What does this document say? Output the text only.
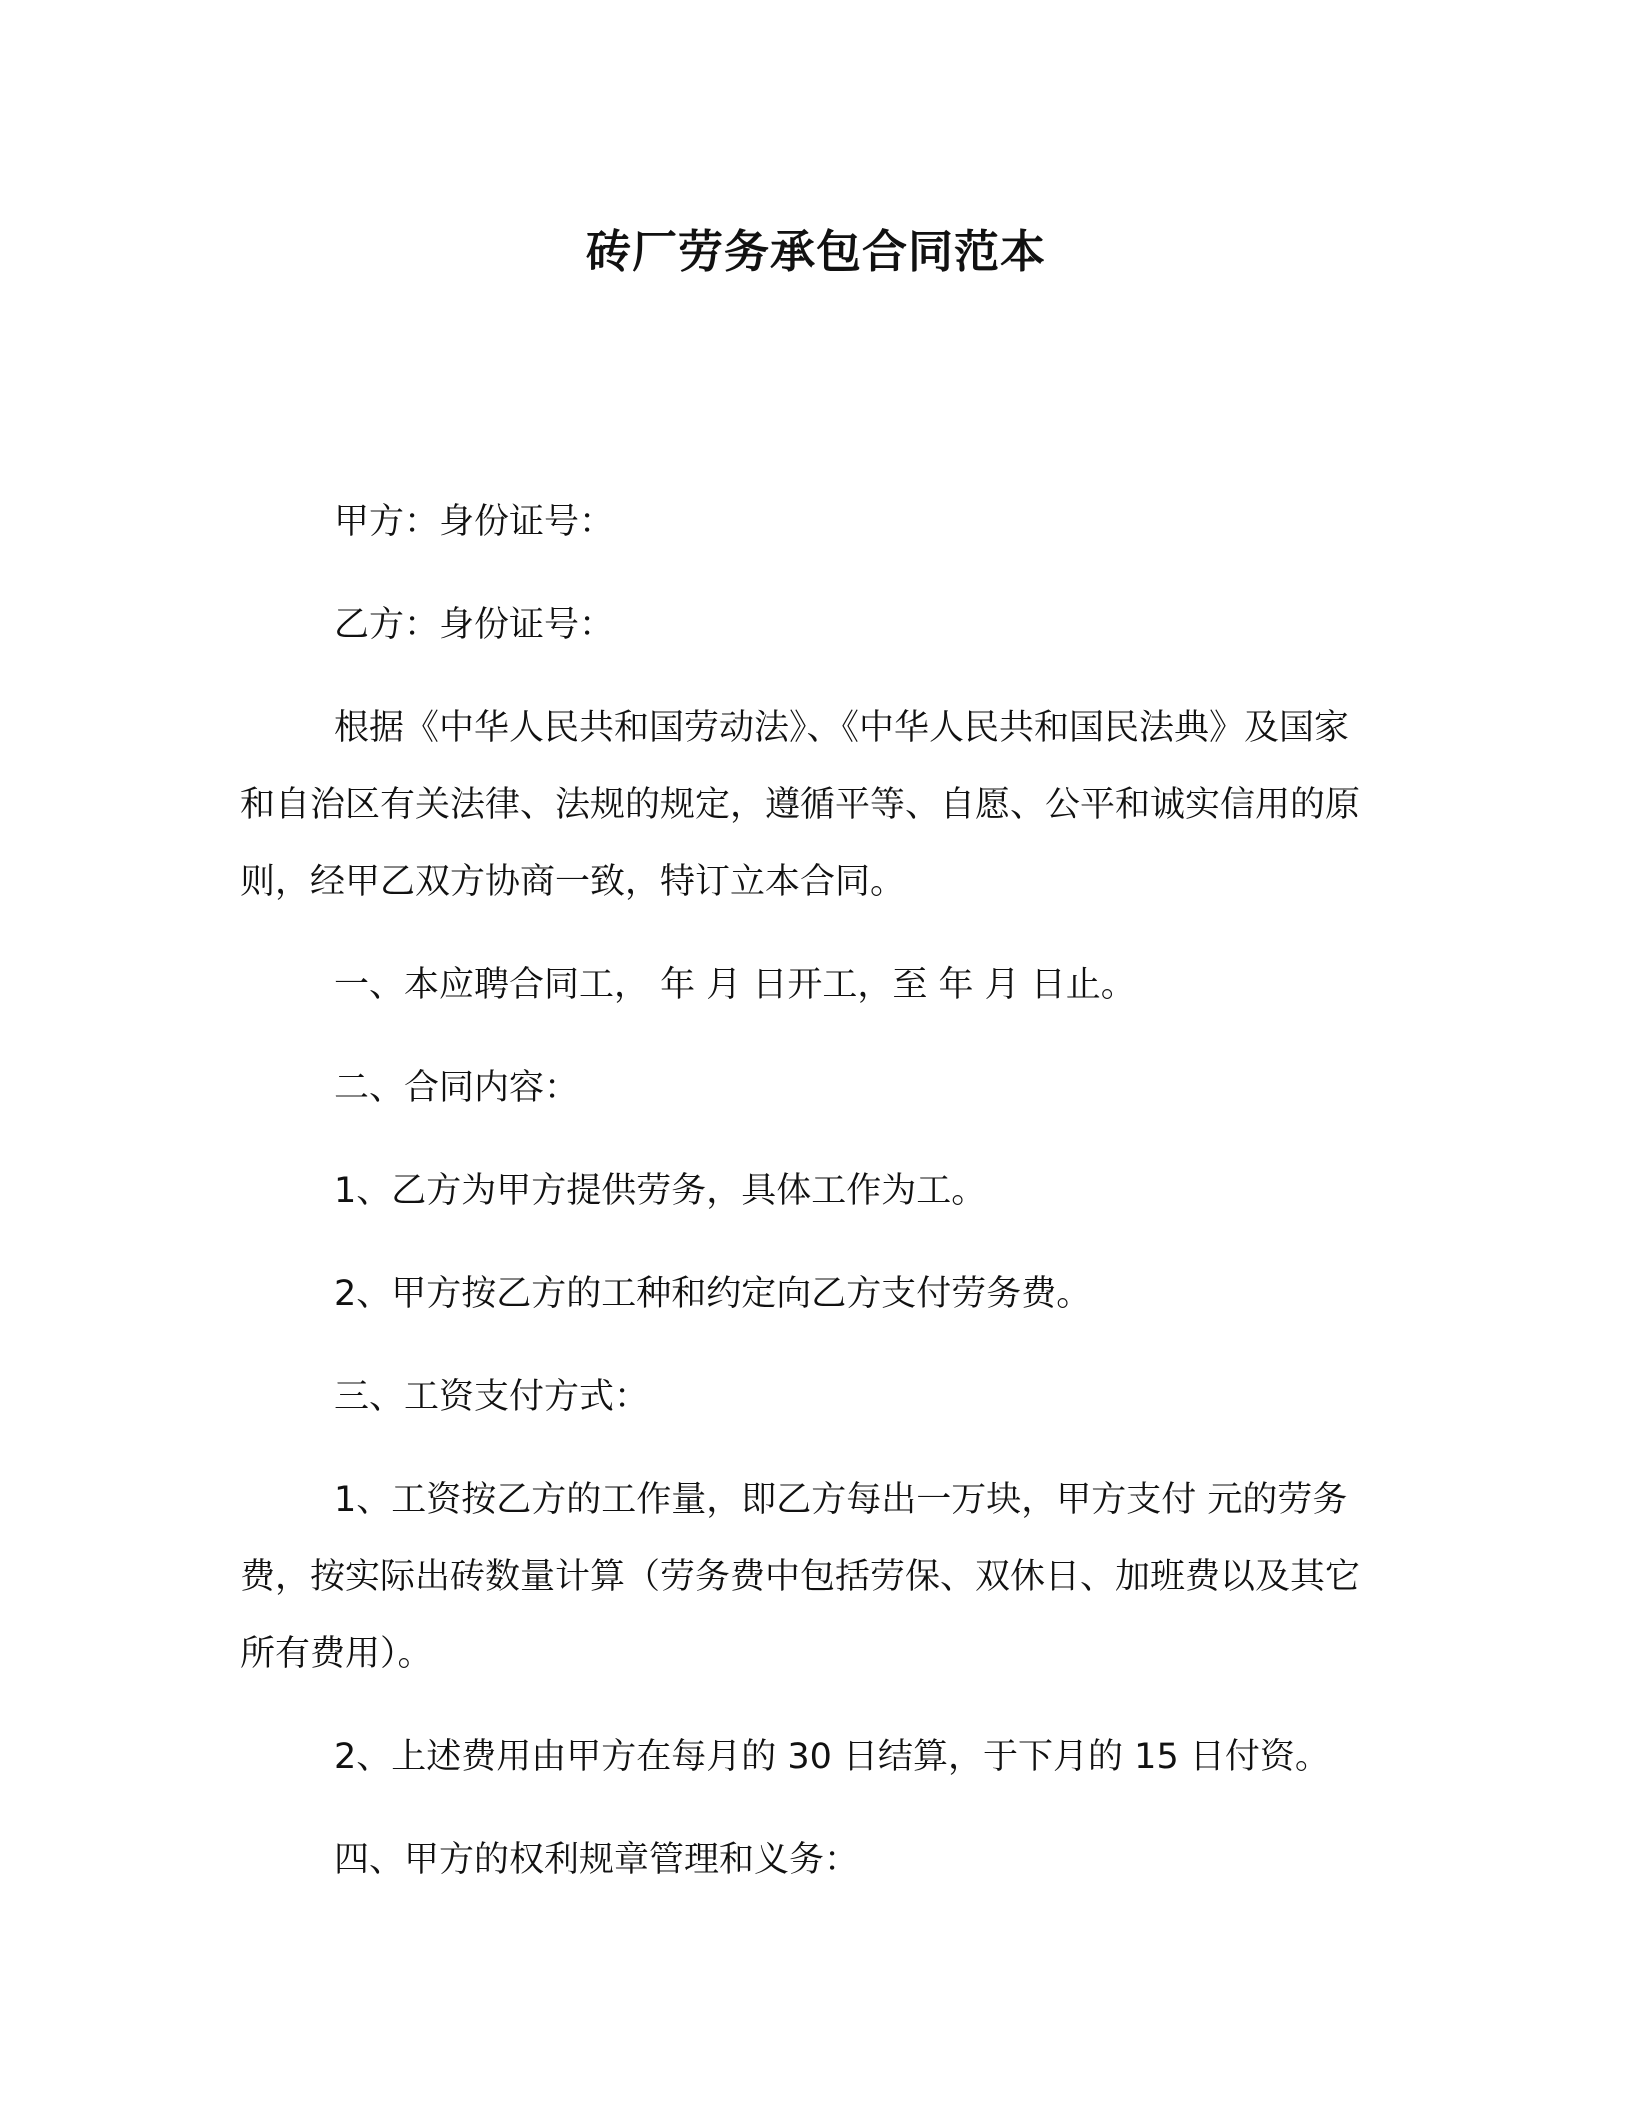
砖厂劳务承包合同范本

甲方：身份证号：

乙方：身份证号：

根据《中华人民共和国劳动法》、《中华人民共和国民法典》及国家和自治区有关法律、法规的规定，遵循平等、自愿、公平和诚实信用的原则，经甲乙双方协商一致，特订立本合同。

一、本应聘合同工， 年 月 日开工，至 年 月 日止。

二、合同内容：

1、乙方为甲方提供劳务，具体工作为工。

2、甲方按乙方的工种和约定向乙方支付劳务费。

三、工资支付方式：

1、工资按乙方的工作量，即乙方每出一万块，甲方支付 元的劳务费，按实际出砖数量计算（劳务费中包括劳保、双休日、加班费以及其它所有费用）。

2、上述费用由甲方在每月的 30 日结算，于下月的 15 日付资。

四、甲方的权利规章管理和义务：
